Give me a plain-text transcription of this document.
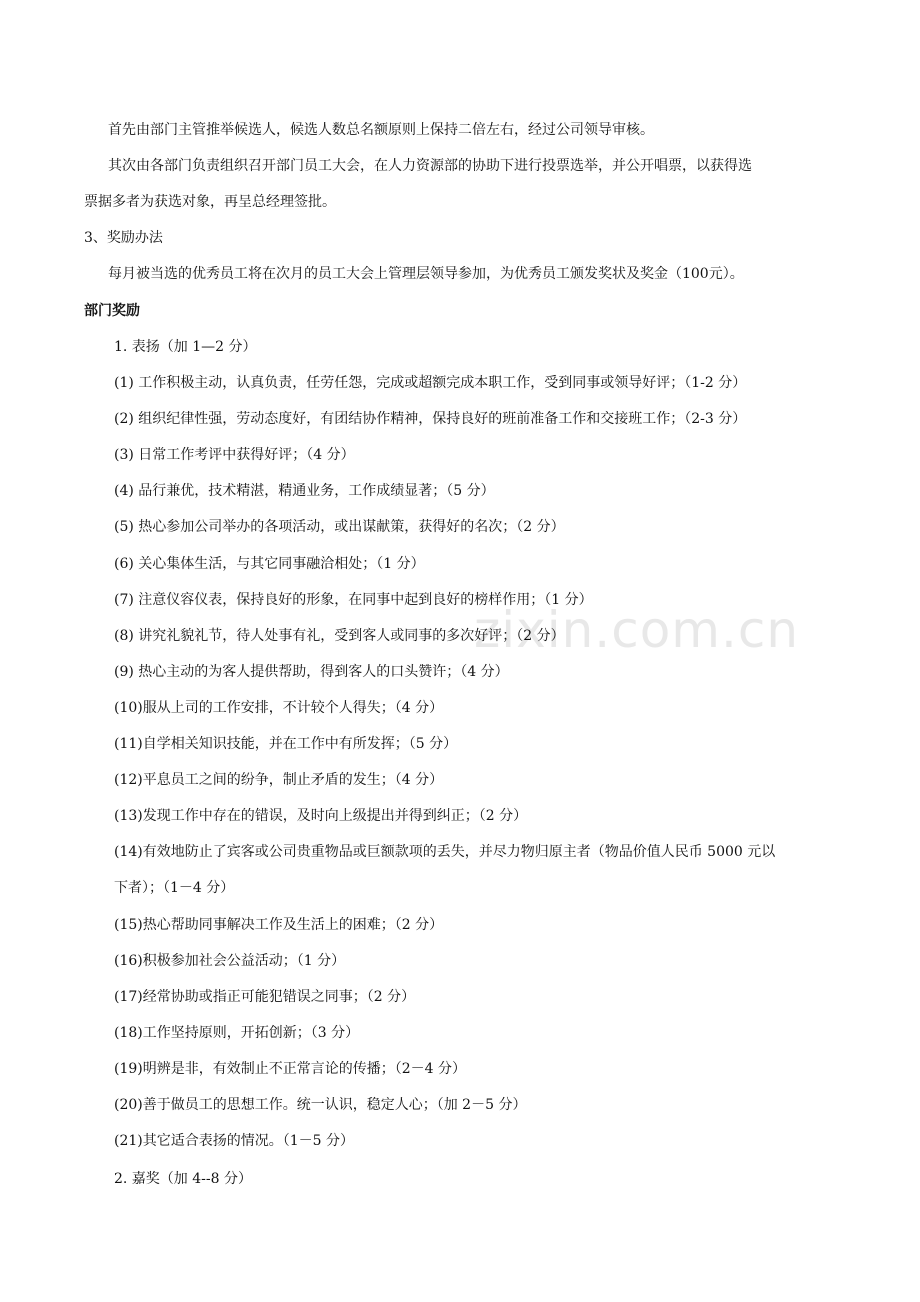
zixin.com.cn
首先由部门主管推举候选人，候选人数总名额原则上保持二倍左右，经过公司领导审核。
其次由各部门负责组织召开部门员工大会，在人力资源部的协助下进行投票选举，并公开唱票，以获得选
票据多者为获选对象，再呈总经理签批。
3、奖励办法
每月被当选的优秀员工将在次月的员工大会上管理层领导参加，为优秀员工颁发奖状及奖金（100元）。
部门奖励
1. 表扬（加 1—2 分）
(1) 工作积极主动，认真负责，任劳任怨，完成或超额完成本职工作，受到同事或领导好评；（1-2 分）
(2) 组织纪律性强，劳动态度好，有团结协作精神，保持良好的班前准备工作和交接班工作；（2-3 分）
(3) 日常工作考评中获得好评；（4 分）
(4) 品行兼优，技术精湛，精通业务，工作成绩显著；（5 分）
(5) 热心参加公司举办的各项活动，或出谋献策，获得好的名次；（2 分）
(6) 关心集体生活，与其它同事融洽相处；（1 分）
(7) 注意仪容仪表，保持良好的形象，在同事中起到良好的榜样作用；（1 分）
(8) 讲究礼貌礼节，待人处事有礼，受到客人或同事的多次好评；（2 分）
(9) 热心主动的为客人提供帮助，得到客人的口头赞许；（4 分）
(10)服从上司的工作安排，不计较个人得失；（4 分）
(11)自学相关知识技能，并在工作中有所发挥；（5 分）
(12)平息员工之间的纷争，制止矛盾的发生；（4 分）
(13)发现工作中存在的错误，及时向上级提出并得到纠正；（2 分）
(14)有效地防止了宾客或公司贵重物品或巨额款项的丢失，并尽力物归原主者（物品价值人民币 5000 元以
下者）；（1－4 分）
(15)热心帮助同事解决工作及生活上的困难；（2 分）
(16)积极参加社会公益活动；（1 分）
(17)经常协助或指正可能犯错误之同事；（2 分）
(18)工作坚持原则，开拓创新；（3 分）
(19)明辨是非，有效制止不正常言论的传播；（2－4 分）
(20)善于做员工的思想工作。统一认识，稳定人心；（加 2－5 分）
(21)其它适合表扬的情况。（1－5 分）
2. 嘉奖（加 4--8 分）
